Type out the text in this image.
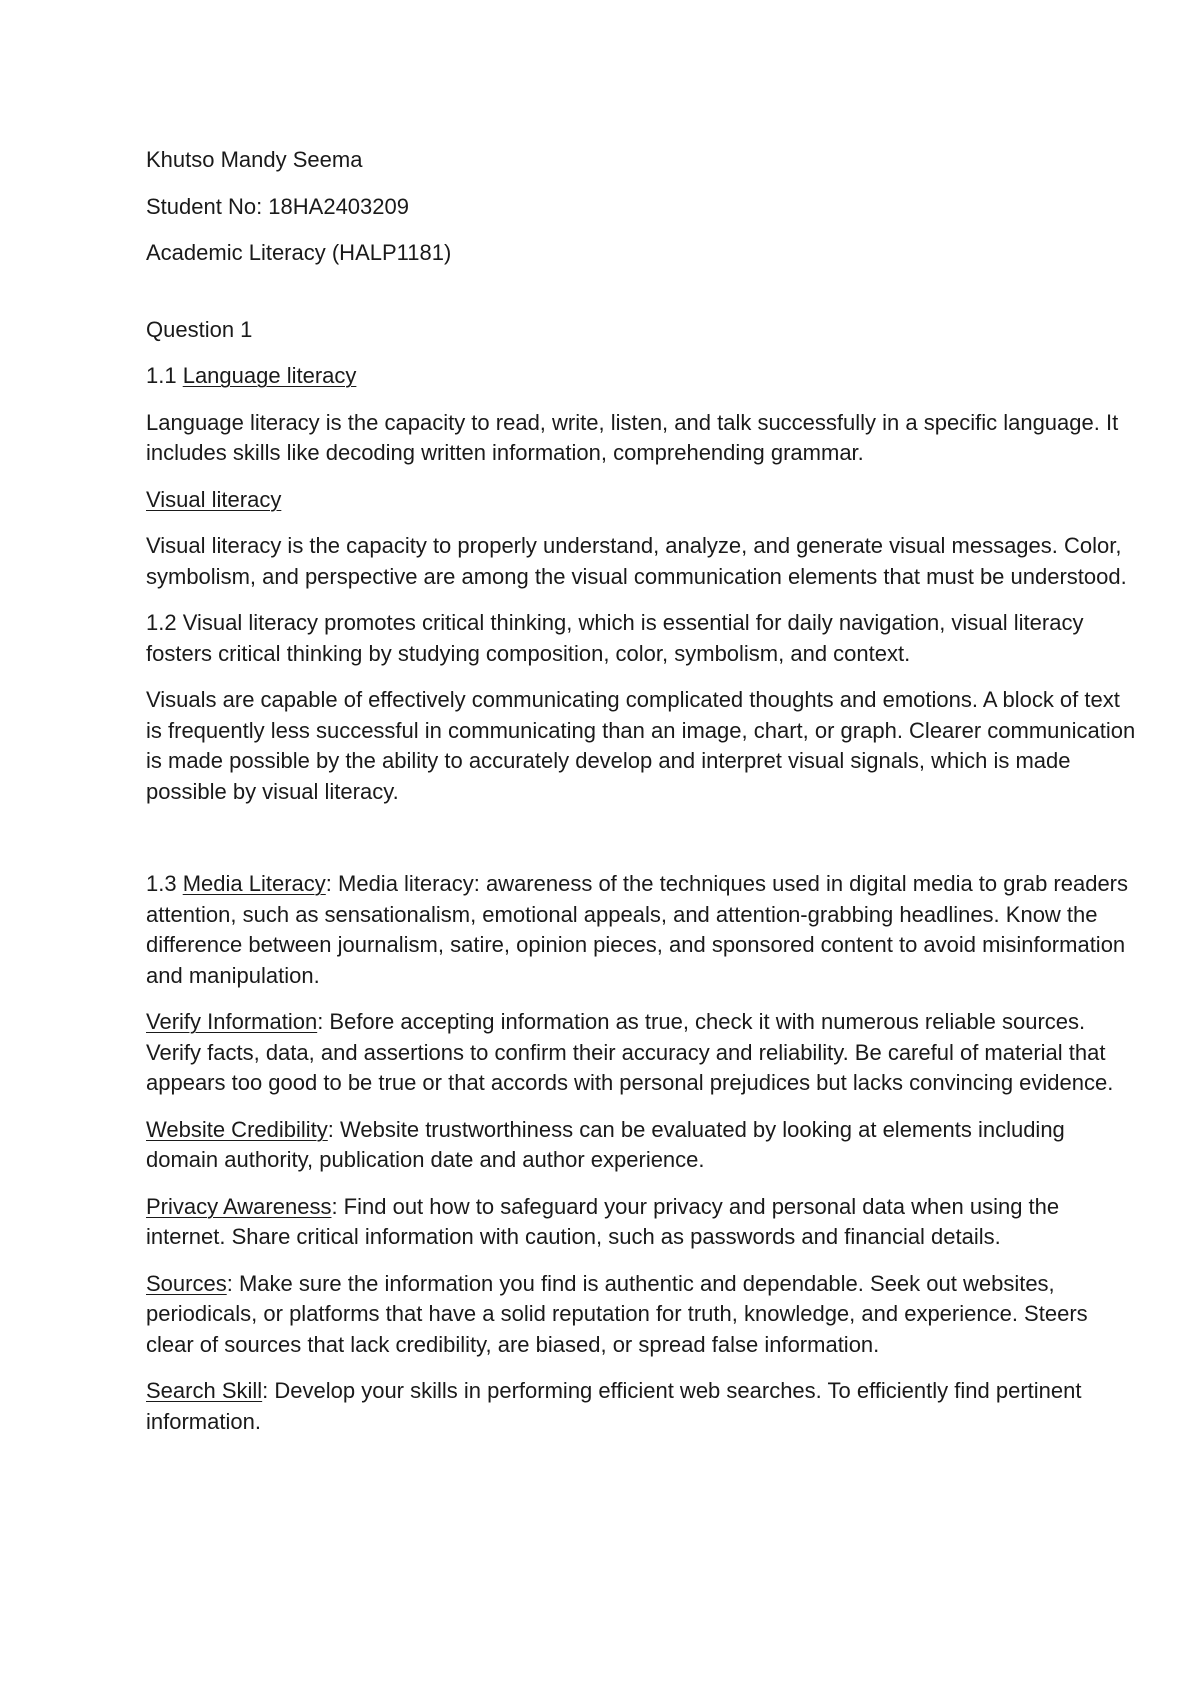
Khutso Mandy Seema

Student No: 18HA2403209

Academic Literacy (HALP1181)

Question 1

1.1 Language literacy

Language literacy is the capacity to read, write, listen, and talk successfully in a specific language. It includes skills like decoding written information, comprehending grammar.

Visual literacy

Visual literacy is the capacity to properly understand, analyze, and generate visual messages. Color, symbolism, and perspective are among the visual communication elements that must be understood.

1.2 Visual literacy promotes critical thinking, which is essential for daily navigation, visual literacy fosters critical thinking by studying composition, color, symbolism, and context.

Visuals are capable of effectively communicating complicated thoughts and emotions. A block of text is frequently less successful in communicating than an image, chart, or graph. Clearer communication is made possible by the ability to accurately develop and interpret visual signals, which is made possible by visual literacy.

1.3 Media Literacy: Media literacy: awareness of the techniques used in digital media to grab readers attention, such as sensationalism, emotional appeals, and attention-grabbing headlines. Know the difference between journalism, satire, opinion pieces, and sponsored content to avoid misinformation and manipulation.

Verify Information: Before accepting information as true, check it with numerous reliable sources. Verify facts, data, and assertions to confirm their accuracy and reliability. Be careful of material that appears too good to be true or that accords with personal prejudices but lacks convincing evidence.

Website Credibility: Website trustworthiness can be evaluated by looking at elements including domain authority, publication date and author experience.

Privacy Awareness: Find out how to safeguard your privacy and personal data when using the internet. Share critical information with caution, such as passwords and financial details.

Sources: Make sure the information you find is authentic and dependable. Seek out websites, periodicals, or platforms that have a solid reputation for truth, knowledge, and experience. Steers clear of sources that lack credibility, are biased, or spread false information.

Search Skill: Develop your skills in performing efficient web searches. To efficiently find pertinent information.
